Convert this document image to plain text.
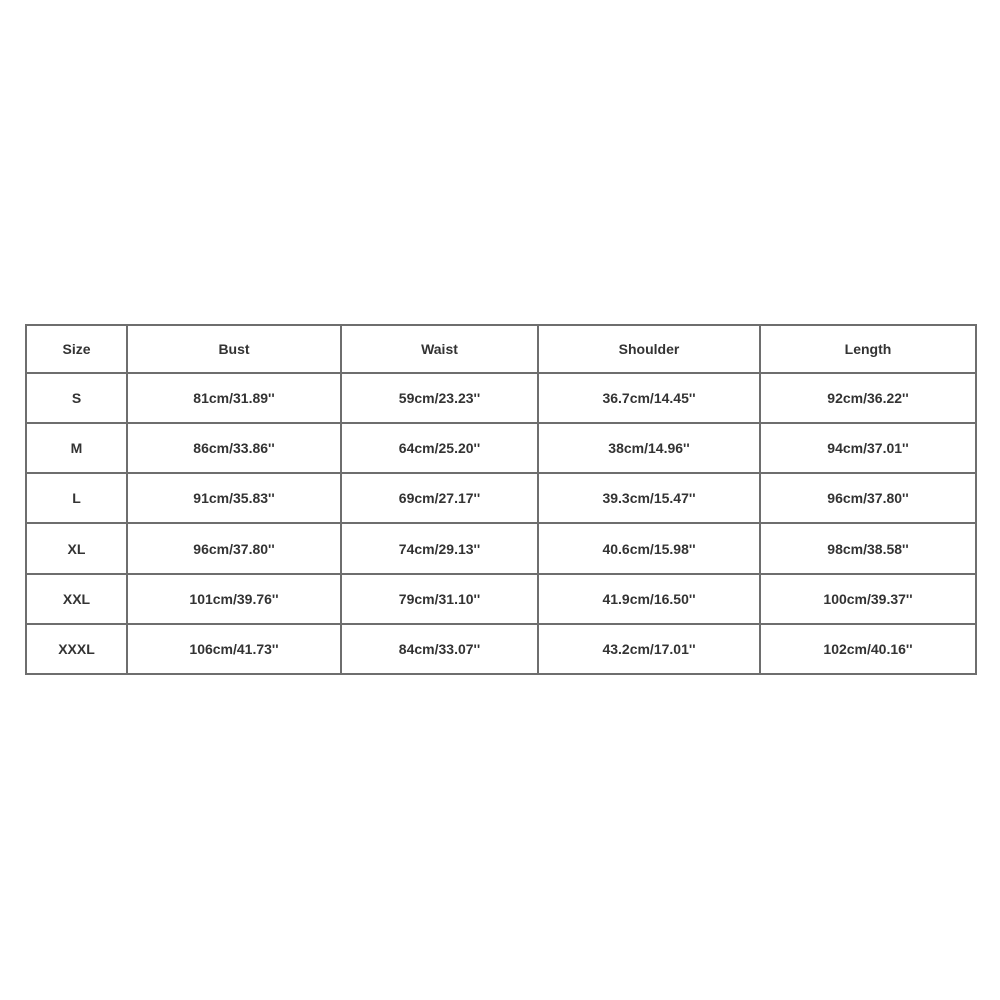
Size	Bust	Waist	Shoulder	Length
S	81cm/31.89''	59cm/23.23''	36.7cm/14.45''	92cm/36.22''
M	86cm/33.86''	64cm/25.20''	38cm/14.96''	94cm/37.01''
L	91cm/35.83''	69cm/27.17''	39.3cm/15.47''	96cm/37.80''
XL	96cm/37.80''	74cm/29.13''	40.6cm/15.98''	98cm/38.58''
XXL	101cm/39.76''	79cm/31.10''	41.9cm/16.50''	100cm/39.37''
XXXL	106cm/41.73''	84cm/33.07''	43.2cm/17.01''	102cm/40.16''
